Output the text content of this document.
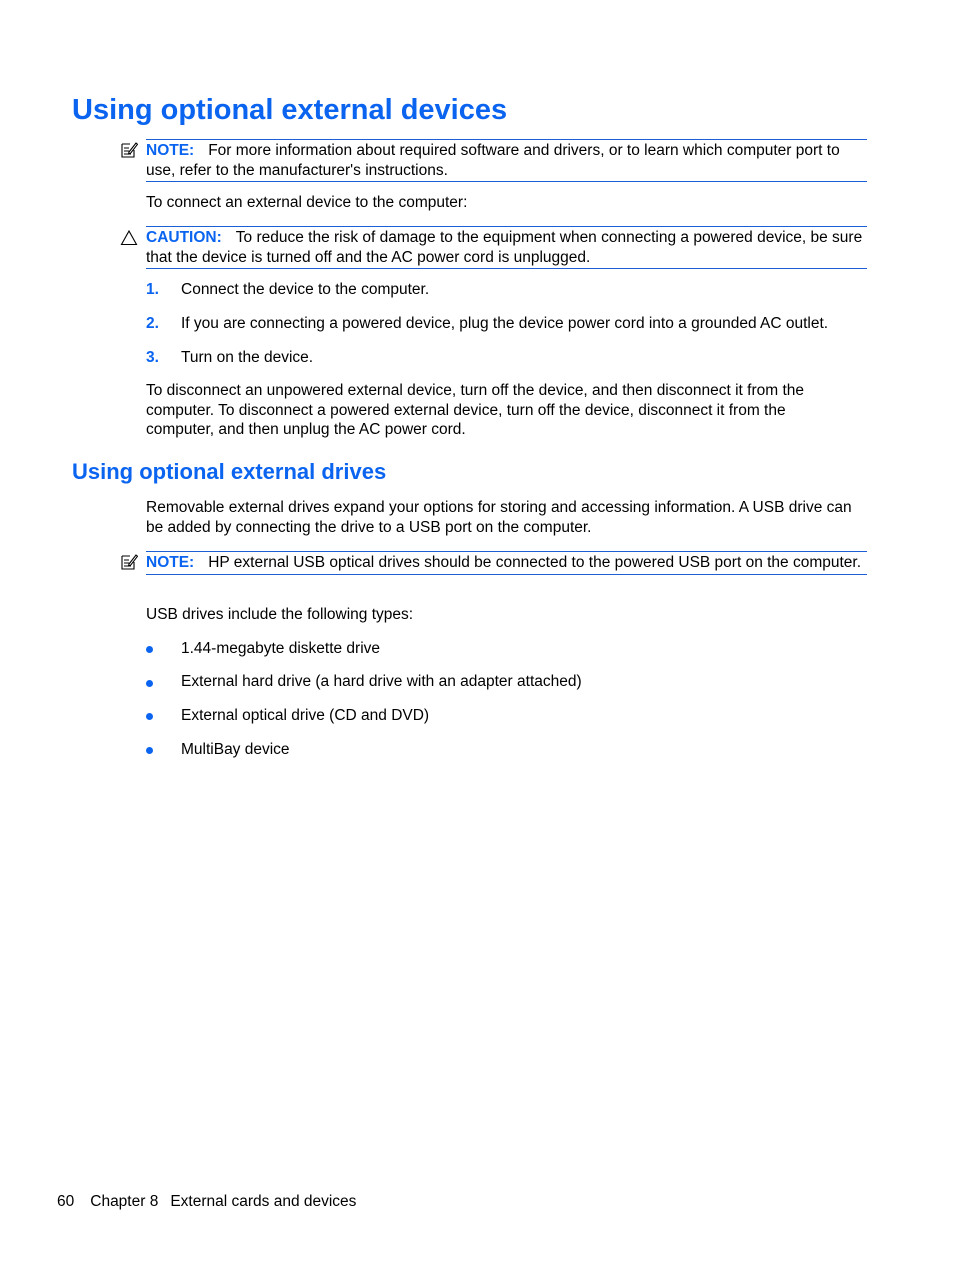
Using optional external devices
NOTE: For more information about required software and drivers, or to learn which computer port to use, refer to the manufacturer's instructions.

To connect an external device to the computer:

CAUTION: To reduce the risk of damage to the equipment when connecting a powered device, be sure that the device is turned off and the AC power cord is unplugged.
1. Connect the device to the computer.
2. If you are connecting a powered device, plug the device power cord into a grounded AC outlet.
3. Turn on the device.

To disconnect an unpowered external device, turn off the device, and then disconnect it from the computer. To disconnect a powered external device, turn off the device, disconnect it from the computer, and then unplug the AC power cord.

Using optional external drives

Removable external drives expand your options for storing and accessing information. A USB drive can be added by connecting the drive to a USB port on the computer.

NOTE: HP external USB optical drives should be connected to the powered USB port on the computer.

USB drives include the following types:

1.44-megabyte diskette drive
External hard drive (a hard drive with an adapter attached)
External optical drive (CD and DVD)
MultiBay device
60 Chapter 8 External cards and devices
